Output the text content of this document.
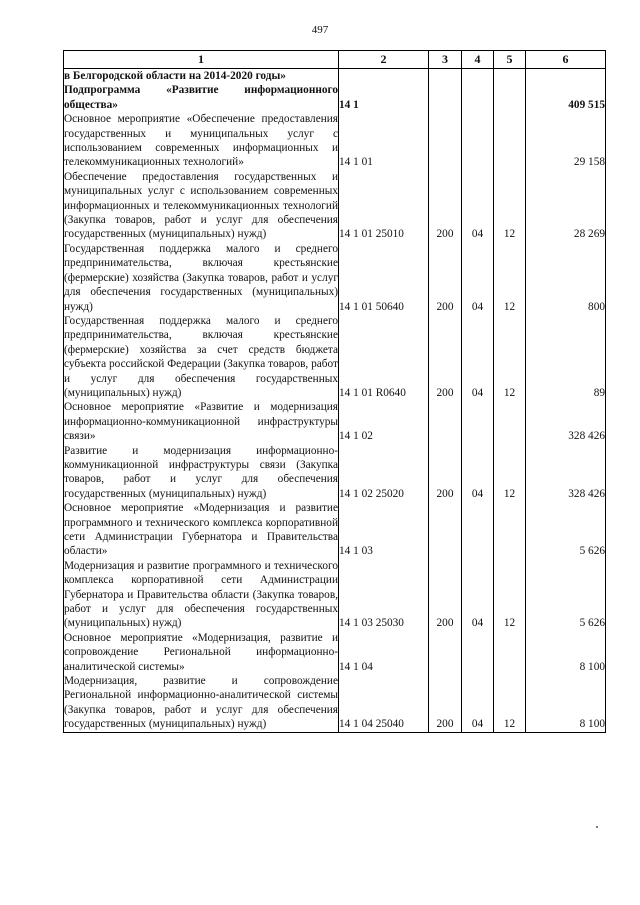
497
1	2	3	4	5	6
в Белгородской области на 2014-2020 годы»					
Подпрограмма «Развитие информационного общества»	14 1				409 515
Основное мероприятие «Обеспечение предоставления государственных и муниципальных услуг с использованием современных информационных и телекоммуникационных технологий»	14 1 01				29 158
Обеспечение предоставления государственных и муниципальных услуг с использованием современных информационных и телекоммуникационных технологий (Закупка товаров, работ и услуг для обеспечения государственных (муниципальных) нужд)	14 1 01 25010	200	04	12	28 269
Государственная поддержка малого и среднего предпринимательства, включая крестьянские (фермерские) хозяйства (Закупка товаров, работ и услуг для обеспечения государственных (муниципальных) нужд)	14 1 01 50640	200	04	12	800
Государственная поддержка малого и среднего предпринимательства, включая крестьянские (фермерские) хозяйства за счет средств бюджета субъекта российской Федерации (Закупка товаров, работ и услуг для обеспечения государственных (муниципальных) нужд)	14 1 01 R0640	200	04	12	89
Основное мероприятие «Развитие и модернизация информационно-коммуникационной инфраструктуры связи»	14 1 02				328 426
Развитие и модернизация информационно-коммуникационной инфраструктуры связи (Закупка товаров, работ и услуг для обеспечения государственных (муниципальных) нужд)	14 1 02 25020	200	04	12	328 426
Основное мероприятие «Модернизация и развитие программного и технического комплекса корпоративной сети Администрации Губернатора и Правительства области»	14 1 03				5 626
Модернизация и развитие программного и технического комплекса корпоративной сети Администрации Губернатора и Правительства области (Закупка товаров, работ и услуг для обеспечения государственных (муниципальных) нужд)	14 1 03 25030	200	04	12	5 626
Основное мероприятие «Модернизация, развитие и сопровождение Региональной информационно-аналитической системы»	14 1 04				8 100
Модернизация, развитие и сопровождение Региональной информационно-аналитической системы (Закупка товаров, работ и услуг для обеспечения государственных (муниципальных) нужд)	14 1 04 25040	200	04	12	8 100
